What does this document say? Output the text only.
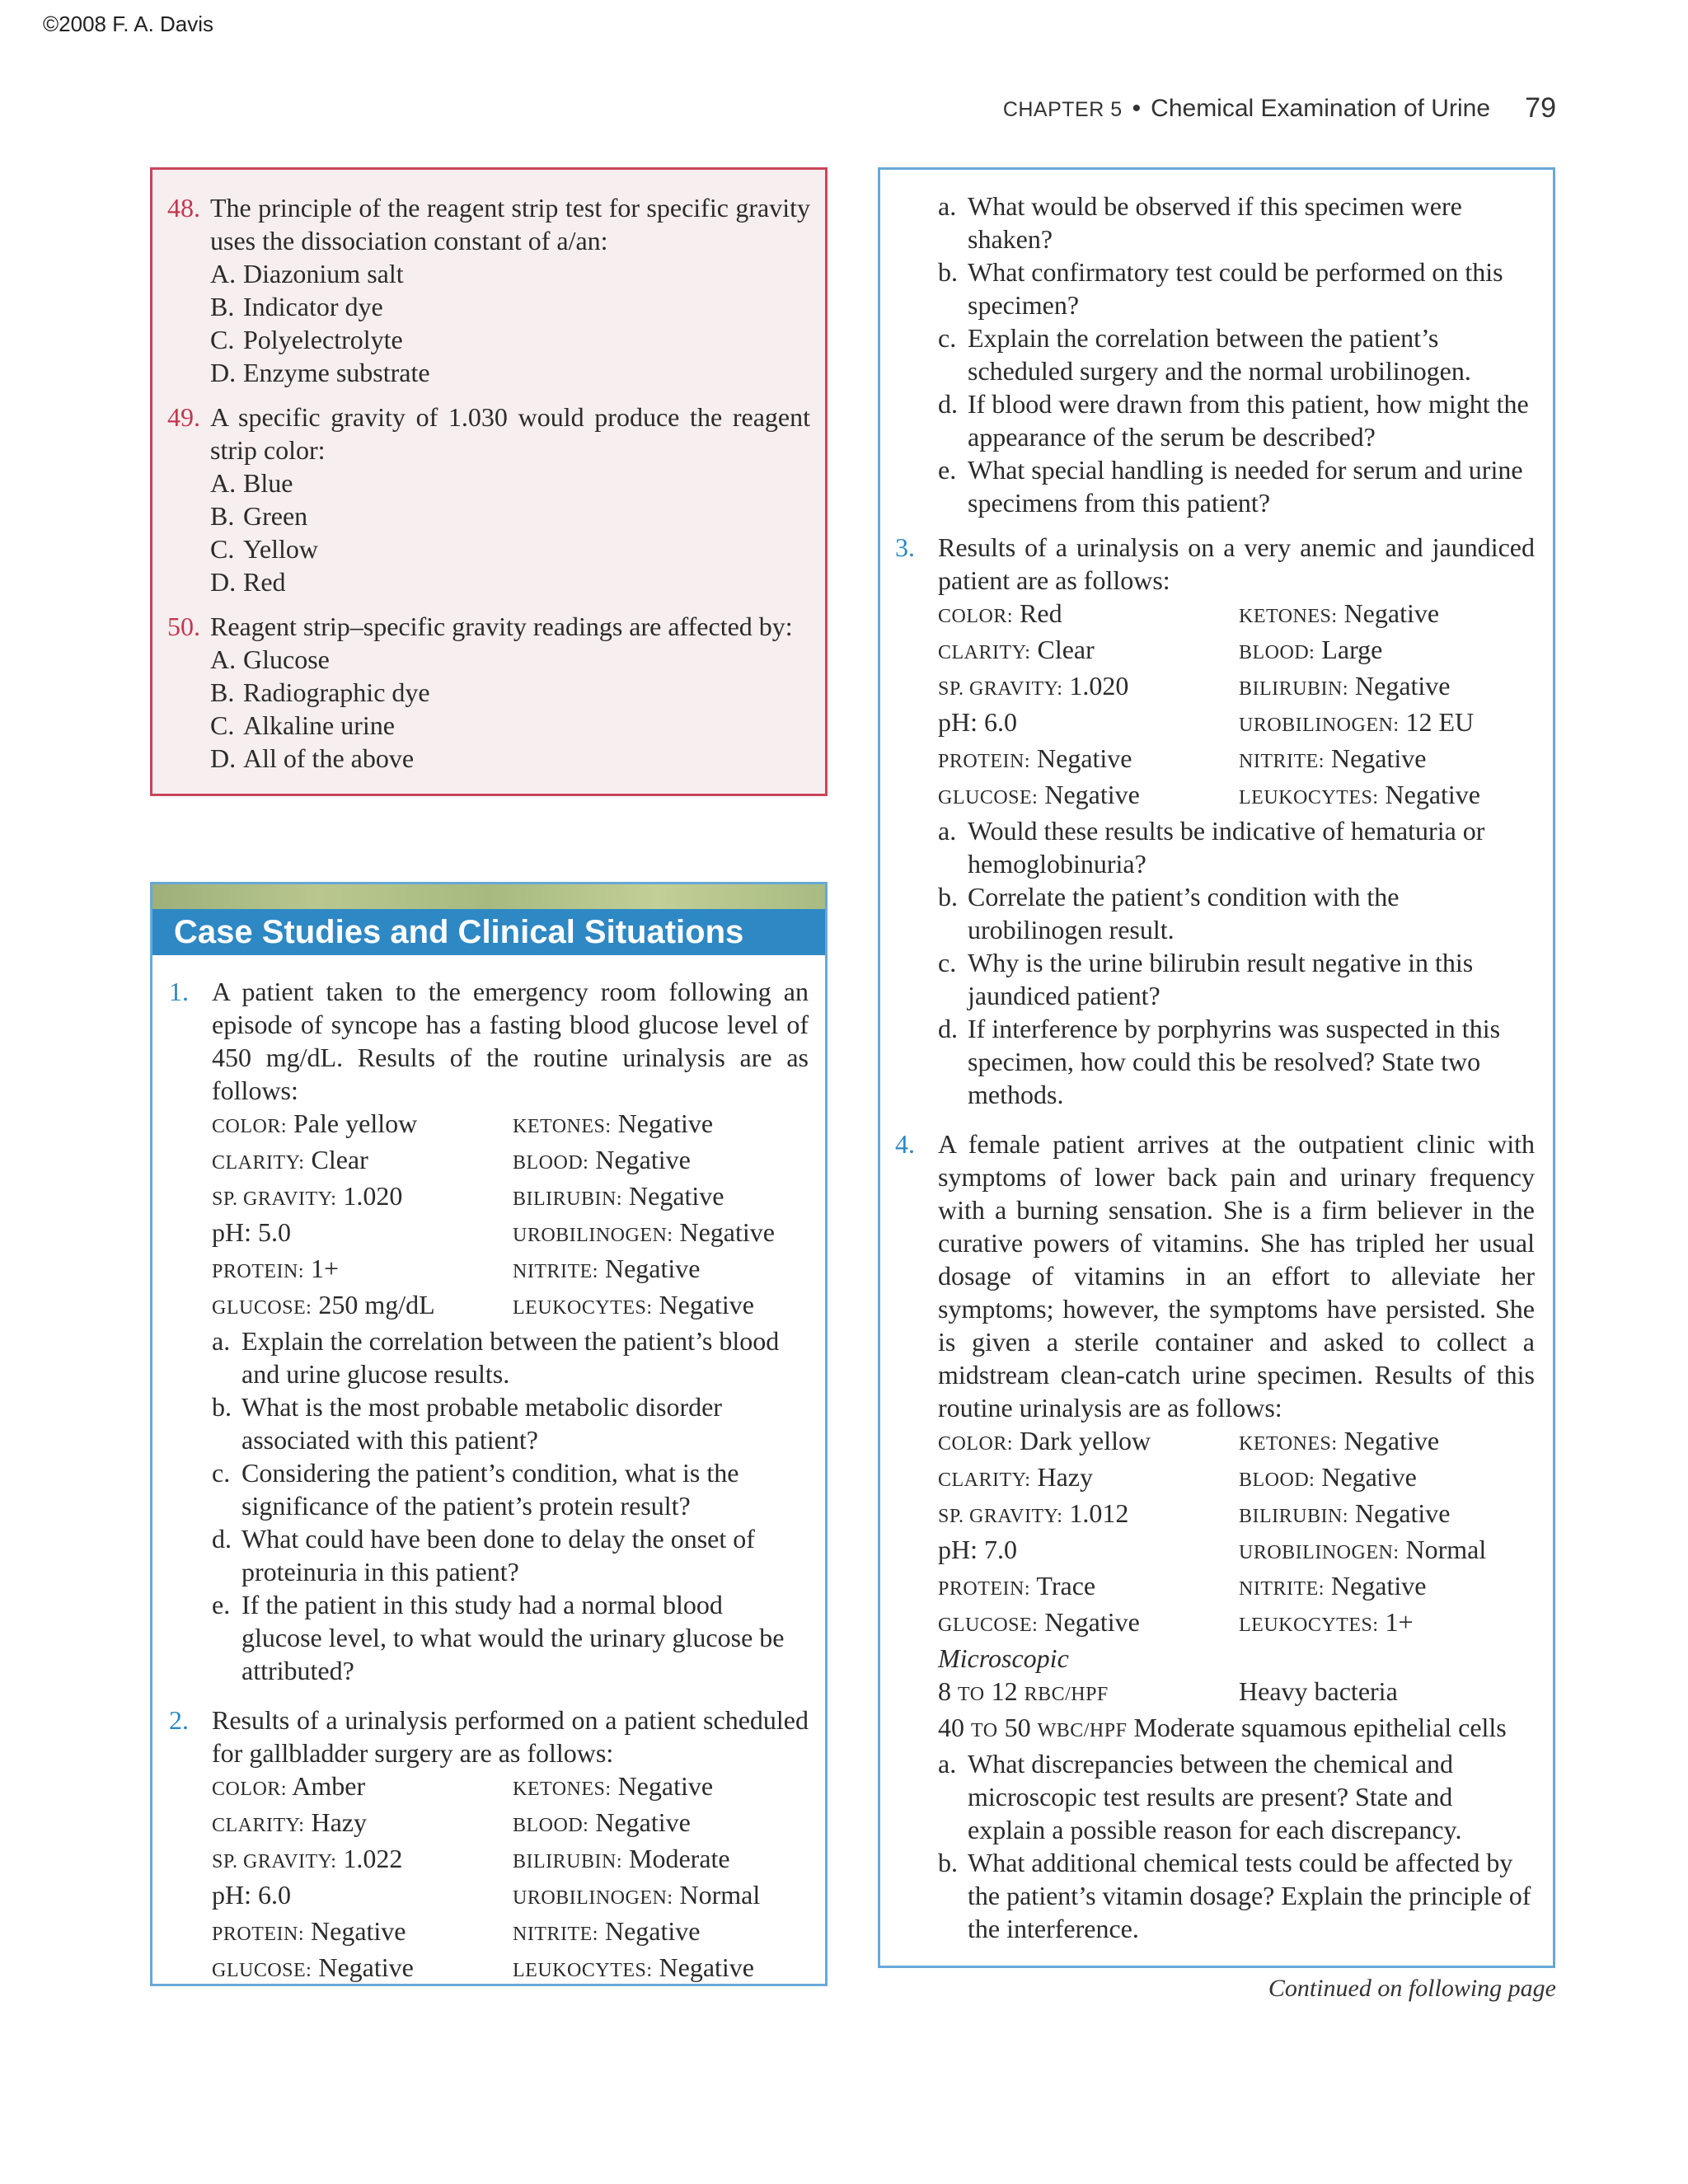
©2008 F. A. Davis
CHAPTER 5 • Chemical Examination of Urine 79
48. The principle of the reagent strip test for specific gravity uses the dissociation constant of a/an:
A. Diazonium salt
B. Indicator dye
C. Polyelectrolyte
D. Enzyme substrate
49. A specific gravity of 1.030 would produce the reagent strip color:
A. Blue
B. Green
C. Yellow
D. Red
50. Reagent strip–specific gravity readings are affected by:
A. Glucose
B. Radiographic dye
C. Alkaline urine
D. All of the above
Case Studies and Clinical Situations
1. A patient taken to the emergency room following an episode of syncope has a fasting blood glucose level of 450 mg/dL. Results of the routine urinalysis are as follows:
COLOR: Pale yellow	KETONES: Negative
CLARITY: Clear	BLOOD: Negative
SP. GRAVITY: 1.020	BILIRUBIN: Negative
pH: 5.0	UROBILINOGEN: Negative
PROTEIN: 1+	NITRITE: Negative
GLUCOSE: 250 mg/dL	LEUKOCYTES: Negative
a. Explain the correlation between the patient’s blood and urine glucose results.
b. What is the most probable metabolic disorder associated with this patient?
c. Considering the patient’s condition, what is the significance of the patient’s protein result?
d. What could have been done to delay the onset of proteinuria in this patient?
e. If the patient in this study had a normal blood glucose level, to what would the urinary glucose be attributed?
2. Results of a urinalysis performed on a patient scheduled for gallbladder surgery are as follows:
COLOR: Amber	KETONES: Negative
CLARITY: Hazy	BLOOD: Negative
SP. GRAVITY: 1.022	BILIRUBIN: Moderate
pH: 6.0	UROBILINOGEN: Normal
PROTEIN: Negative	NITRITE: Negative
GLUCOSE: Negative	LEUKOCYTES: Negative
a. What would be observed if this specimen were shaken?
b. What confirmatory test could be performed on this specimen?
c. Explain the correlation between the patient’s scheduled surgery and the normal urobilinogen.
d. If blood were drawn from this patient, how might the appearance of the serum be described?
e. What special handling is needed for serum and urine specimens from this patient?
3. Results of a urinalysis on a very anemic and jaundiced patient are as follows:
COLOR: Red	KETONES: Negative
CLARITY: Clear	BLOOD: Large
SP. GRAVITY: 1.020	BILIRUBIN: Negative
pH: 6.0	UROBILINOGEN: 12 EU
PROTEIN: Negative	NITRITE: Negative
GLUCOSE: Negative	LEUKOCYTES: Negative
a. Would these results be indicative of hematuria or hemoglobinuria?
b. Correlate the patient’s condition with the urobilinogen result.
c. Why is the urine bilirubin result negative in this jaundiced patient?
d. If interference by porphyrins was suspected in this specimen, how could this be resolved? State two methods.
4. A female patient arrives at the outpatient clinic with symptoms of lower back pain and urinary frequency with a burning sensation. She is a firm believer in the curative powers of vitamins. She has tripled her usual dosage of vitamins in an effort to alleviate her symptoms; however, the symptoms have persisted. She is given a sterile container and asked to collect a midstream clean-catch urine specimen. Results of this routine urinalysis are as follows:
COLOR: Dark yellow	KETONES: Negative
CLARITY: Hazy	BLOOD: Negative
SP. GRAVITY: 1.012	BILIRUBIN: Negative
pH: 7.0	UROBILINOGEN: Normal
PROTEIN: Trace	NITRITE: Negative
GLUCOSE: Negative	LEUKOCYTES: 1+
Microscopic
8 TO 12 RBC/HPF	Heavy bacteria
40 TO 50 WBC/HPF Moderate squamous epithelial cells
a. What discrepancies between the chemical and microscopic test results are present? State and explain a possible reason for each discrepancy.
b. What additional chemical tests could be affected by the patient’s vitamin dosage? Explain the principle of the interference.
Continued on following page
